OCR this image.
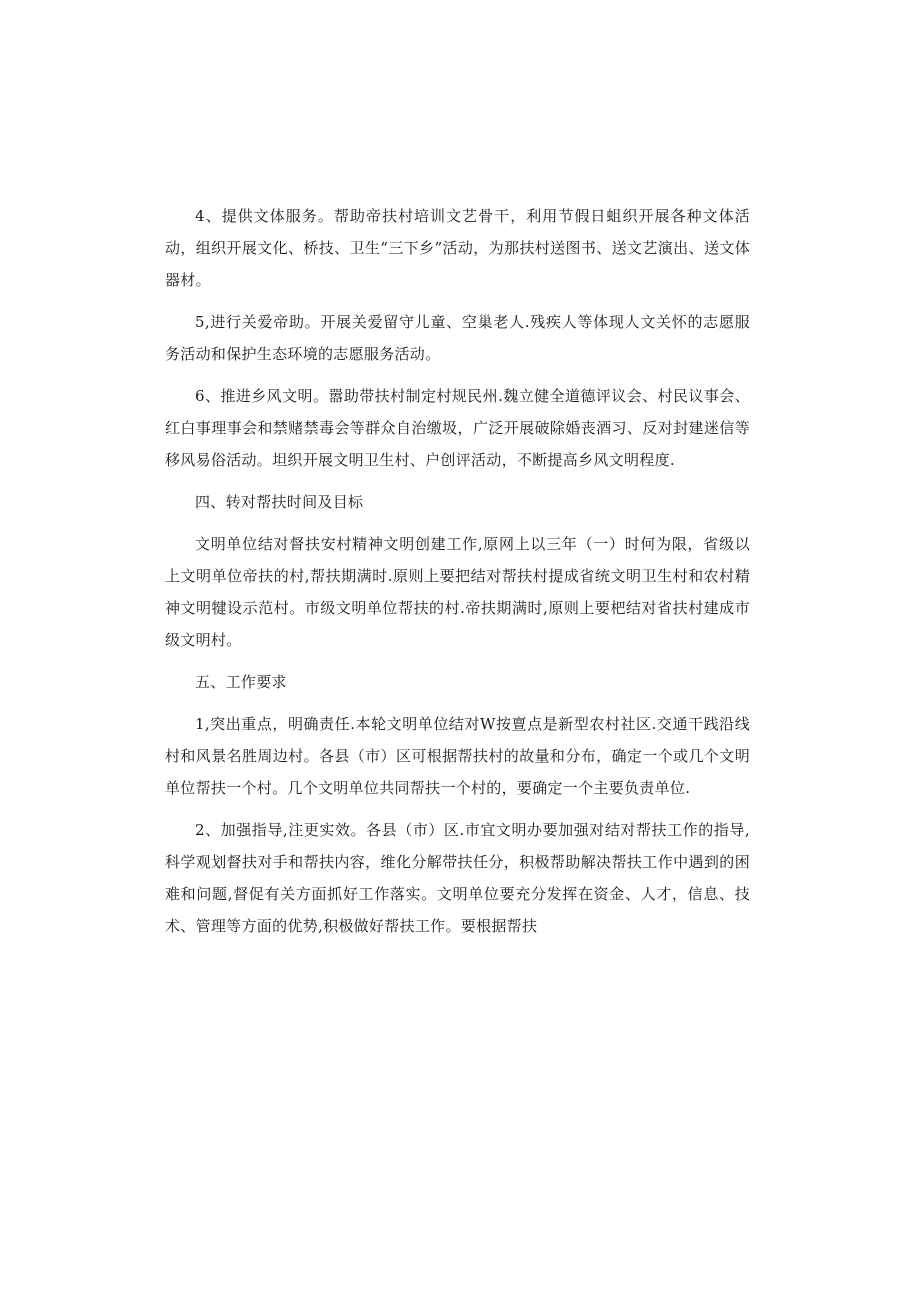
4、提供文体服务。帮助帝扶村培训文艺骨干，利用节假日蛆织开展各种文体活动，组织开展文化、桥技、卫生“三下乡”活动，为那扶村送图书、送文艺演出、送文体器材。

5,进行关爱帝助。开展关爱留守儿童、空巢老人.残疾人等体现人文关怀的志愿服务活动和保护生态环境的志愿服务活动。

6、推进乡风文明。嚣助带扶村制定村规民州.魏立健全道德评议会、村民议事会、红白事理事会和禁赌禁毒会等群众自治缴圾，广泛开展破除婚丧酒习、反对封建迷信等移风易俗活动。坦织开展文明卫生村、户创评活动，不断提高乡风文明程度.

四、转对帮扶时间及目标

文明单位结对督扶安村精神文明创建工作,原网上以三年（一）时何为限，省级以上文明单位帝扶的村,帮扶期满时.原则上要把结对帮扶村提成省统文明卫生村和农村精神文明犍设示范村。市级文明单位帮扶的村.帝扶期满时,原则上要杷结对省扶村建成市级文明村。

五、工作要求

1,突出重点，明确责任.本轮文明单位结对W按亶点是新型农村社区.交通干践沿线村和风景名胜周边村。各县（市）区可根据帮扶村的故量和分布，确定一个或几个文明单位帮扶一个村。几个文明单位共同帮扶一个村的，要确定一个主要负责单位.

2、加强指导,注更实效。各县（市）区.市宜文明办要加强对结对帮扶工作的指导,科学观划督扶对手和帮扶内容，维化分解带扶任分，积极帮助解决帮扶工作中遇到的困难和问题,督促有关方面抓好工作落实。文明单位要充分发挥在资金、人才，信息、技术、管理等方面的优势,积极做好帮扶工作。要根据帮扶
